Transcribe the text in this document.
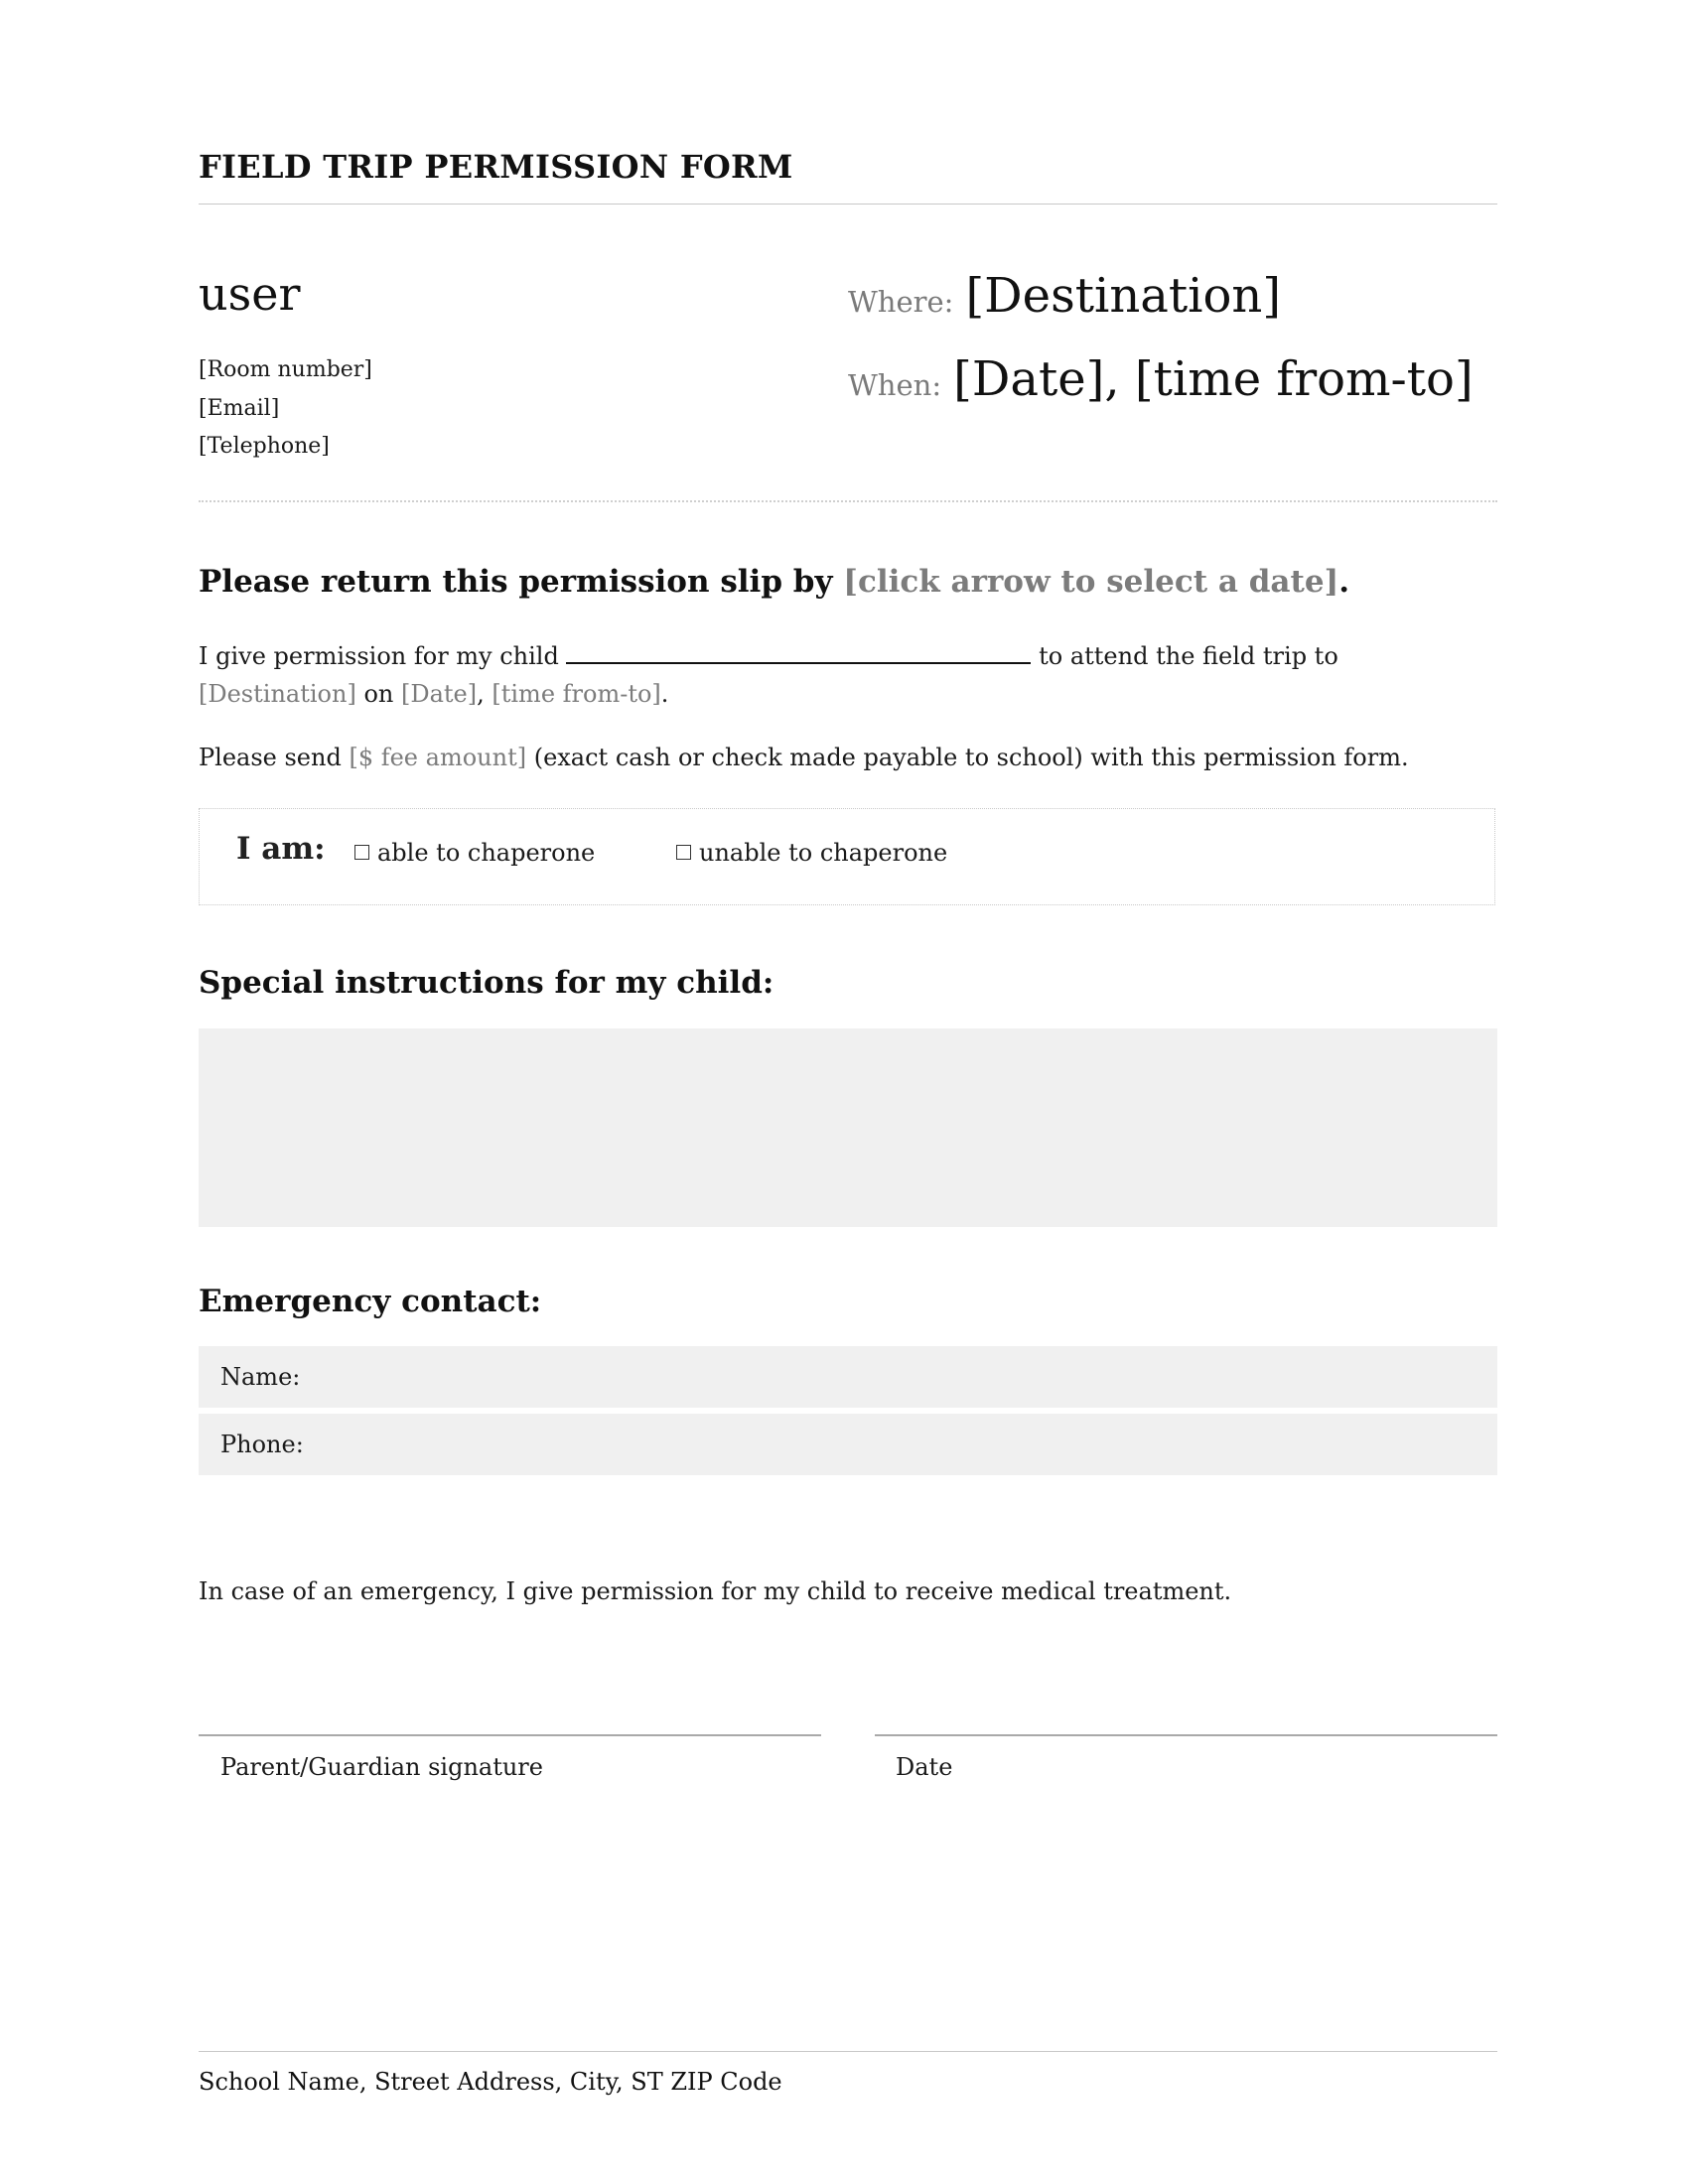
FIELD TRIP PERMISSION FORM
user
[Room number]
[Email]
[Telephone]
Where: [Destination]
When: [Date], [time from-to]
Please return this permission slip by [click arrow to select a date].
I give permission for my child	to attend the field trip to [Destination] on [Date], [time from-to].
Please send [$ fee amount] (exact cash or check made payable to school) with this permission form.
I am:	able to chaperone	unable to chaperone
Special instructions for my child:
Emergency contact:
Name:
Phone:
In case of an emergency, I give permission for my child to receive medical treatment.
Parent/Guardian signature	Date
School Name, Street Address, City, ST ZIP Code
